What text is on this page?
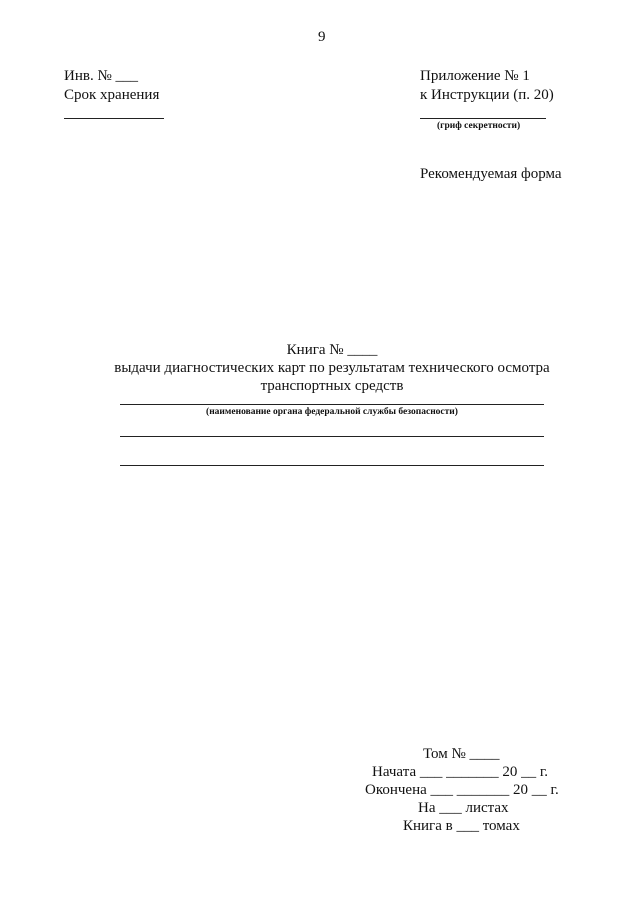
9
Инв. № ___
Срок хранения
Приложение № 1
к Инструкции (п. 20)
(гриф секретности)
Рекомендуемая форма
Книга № ____
выдачи диагностических карт по результатам технического осмотра
транспортных средств
(наименование органа федеральной службы безопасности)
Том № ____
Начата ___ _______ 20 __ г.
Окончена ___ _______ 20 __ г.
На ___ листах
Книга в ___ томах
